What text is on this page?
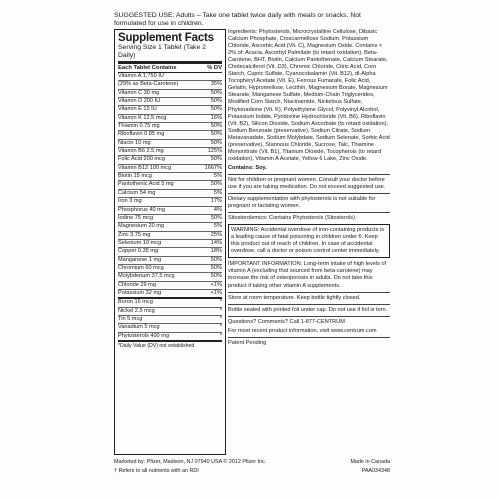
SUGGESTED USE: Adults – Take one tablet twice daily with meals or snacks. Not formulated for use in children.
Supplement Facts
Serving Size 1 Tablet (Take 2 Daily)
Each Tablet Contains	% DV
Vitamin A 1,750 IU
(29% as Beta-Carotene)	35%
Vitamin C 30 mg	50%
Vitamin D 200 IU	50%
Vitamin E 15 IU	50%
Vitamin K 12.5 mcg	16%
Thiamin 0.75 mg	50%
Riboflavin 0.85 mg	50%
Niacin 10 mg	50%
Vitamin B6 2.5 mg	125%
Folic Acid 200 mcg	50%
Vitamin B12 100 mcg	1667%
Biotin 15 mcg	5%
Pantothenic Acid 5 mg	50%
Calcium 54 mg	5%
Iron 3 mg	17%
Phosphorus 40 mg	4%
Iodine 75 mcg	50%
Magnesium 20 mg	5%
Zinc 3.75 mg	25%
Selenium 10 mcg	14%
Copper 0.35 mg	18%
Manganese 1 mg	50%
Chromium 60 mcg	50%
Molybdenum 37.5 mcg	50%
Chloride 29 mg	<1%
Potassium 32 mg	<1%
Boron 16 mcg	*
Nickel 2.5 mcg	*
Tin 5 mcg	*
Vanadium 5 mcg	*
Phytosterols 400 mg	*
*Daily Value (DV) not established.
Ingredients: Phytosterols, Microcrystalline Cellulose, Dibasic Calcium Phosphate, Croscarmellose Sodium, Potassium Chloride, Ascorbic Acid (Vit. C), Magnesium Oxide. Contains < 2% of: Acacia, Ascorbyl Palmitate (to retard oxidation), Beta-Carotene, BHT, Biotin, Calcium Pantothenate, Calcium Stearate, Cholecalciferol (Vit. D3), Chromic Chloride, Citric Acid, Corn Starch, Cupric Sulfate, Cyanocobalamin (Vit. B12), dl-Alpha Tocopheryl Acetate (Vit. E), Ferrous Fumarate, Folic Acid, Gelatin, Hypromellose, Lecithin, Magnesium Borate, Magnesium Stearate, Manganese Sulfate, Medium-Chain Triglycerides, Modified Corn Starch, Niacinamide, Nickelous Sulfate, Phytonadione (Vit. K), Polyethylene Glycol, Polyvinyl Alcohol, Potassium Iodide, Pyridoxine Hydrochloride (Vit. B6), Riboflavin (Vit. B2), Silicon Dioxide, Sodium Ascorbate (to retard oxidation), Sodium Benzoate (preservative), Sodium Citrate, Sodium Metavanadate, Sodium Molybdate, Sodium Selenate, Sorbic Acid (preservative), Stannous Chloride, Sucrose, Talc, Thiamine Mononitrate (Vit. B1), Titanium Dioxide, Tocopherols (to retard oxidation), Vitamin A Acetate, Yellow 6 Lake, Zinc Oxide.
Contains: Soy.
Not for children or pregnant women. Consult your doctor before use if you are taking medication. Do not exceed suggested use.
Dietary supplementation with phytosterols is not suitable for pregnant or lactating women.
Sitosterolemics: Contains Phytosterols (Sitosterols).
WARNING: Accidental overdose of iron-containing products is a leading cause of fatal poisoning in children under 6. Keep this product out of reach of children. In case of accidental overdose, call a doctor or poison control center immediately.
IMPORTANT INFORMATION: Long-term intake of high levels of vitamin A (excluding that sourced from beta-carotene) may increase the risk of osteoporosis in adults. Do not take this product if taking other vitamin A supplements.
Store at room temperature. Keep bottle tightly closed.
Bottle sealed with printed foil under cap. Do not use if foil is torn.
Questions? Comments? Call 1-877-CENTRUM
For most recent product information, visit www.centrum.com
Patent Pending
Marketed by: Pfizer, Madison, NJ 07940 USA © 2012 Pfizer Inc.	Made in Canada
† Refers to all nutrients with an RDI	PAA034348
